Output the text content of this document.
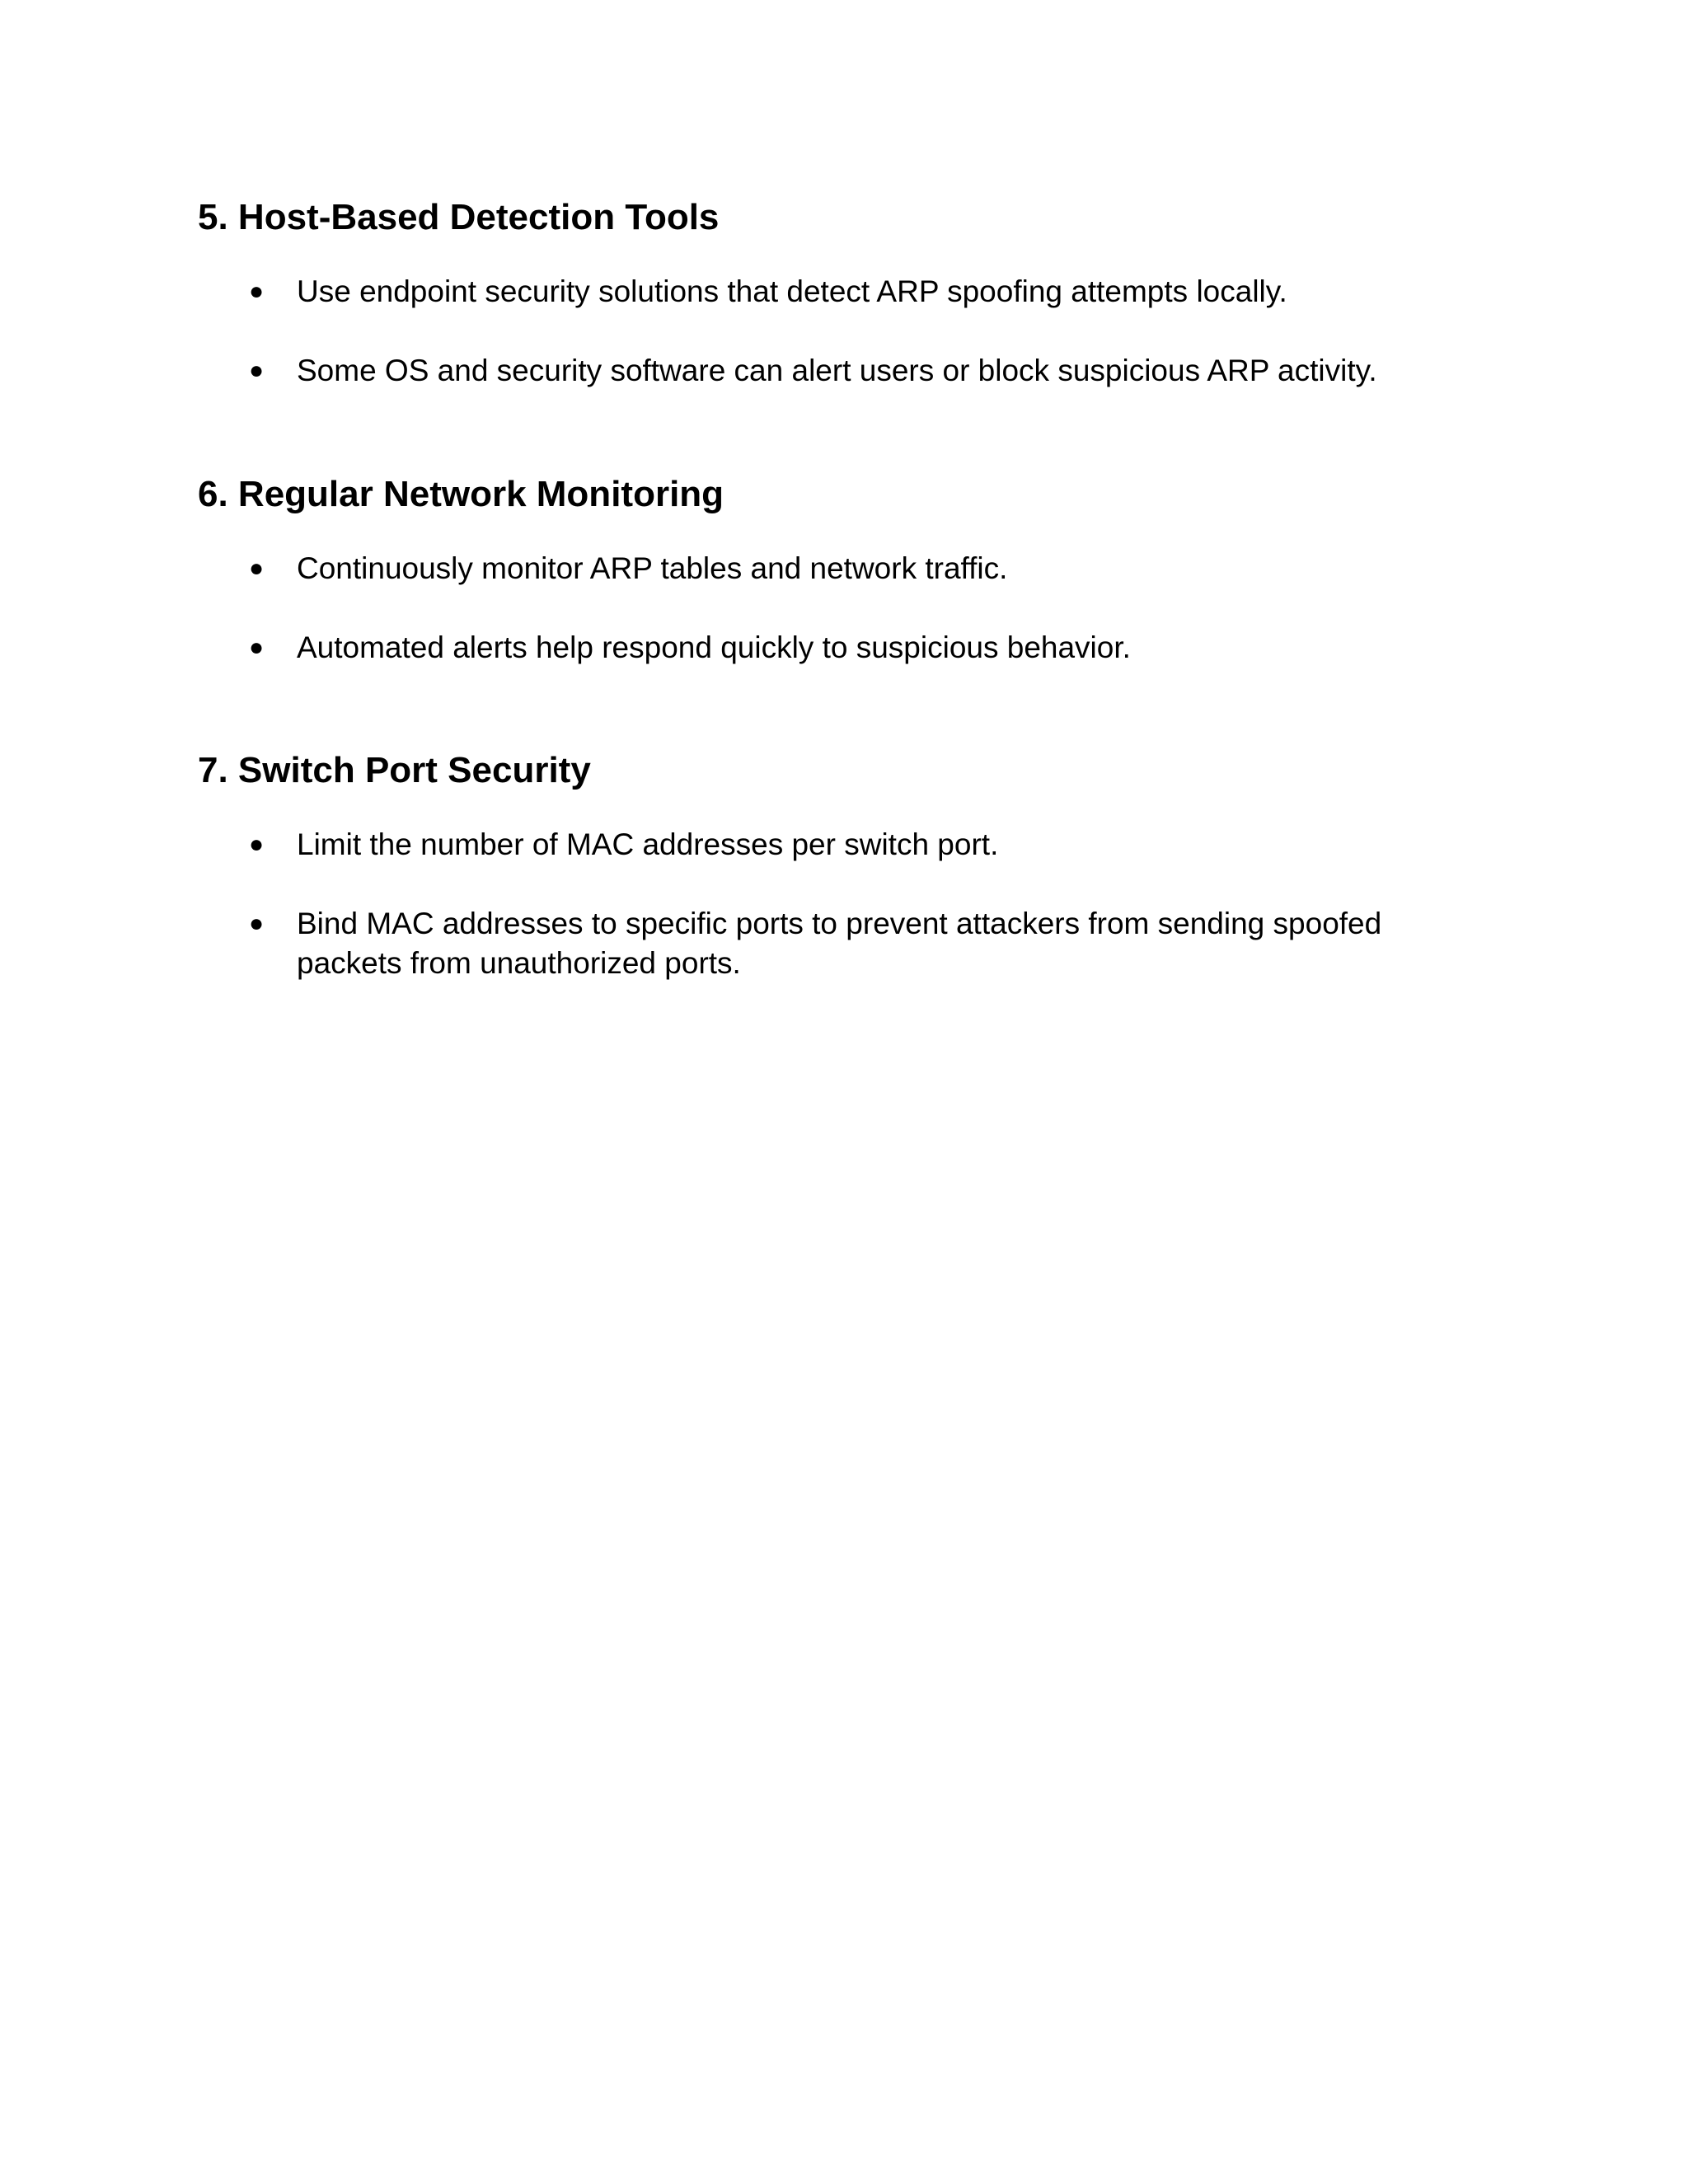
5. Host-Based Detection Tools
● Use endpoint security solutions that detect ARP spoofing attempts locally.
● Some OS and security software can alert users or block suspicious ARP activity.
6. Regular Network Monitoring
● Continuously monitor ARP tables and network traffic.
● Automated alerts help respond quickly to suspicious behavior.
7. Switch Port Security
● Limit the number of MAC addresses per switch port.
● Bind MAC addresses to specific ports to prevent attackers from sending spoofed packets from unauthorized ports.
